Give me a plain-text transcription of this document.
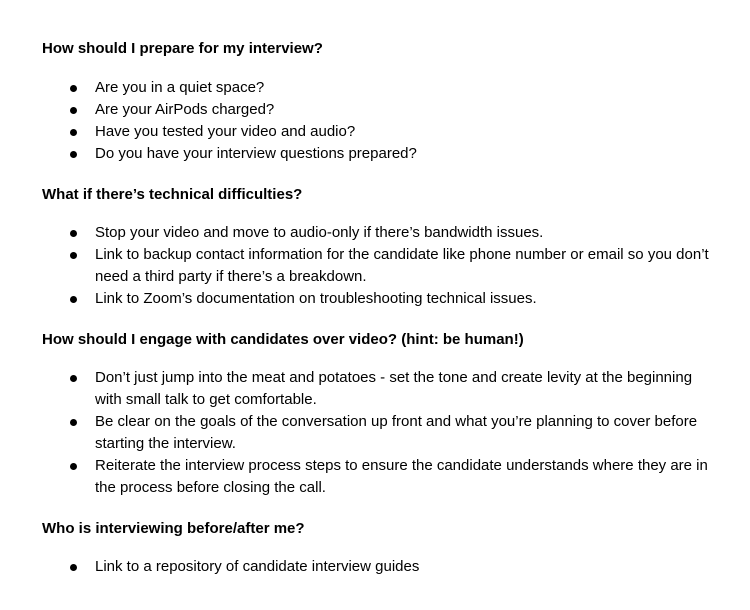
How should I prepare for my interview?
Are you in a quiet space?
Are your AirPods charged?
Have you tested your video and audio?
Do you have your interview questions prepared?
What if there’s technical difficulties?
Stop your video and move to audio-only if there’s bandwidth issues.
Link to backup contact information for the candidate like phone number or email so you don’t need a third party if there’s a breakdown.
Link to Zoom’s documentation on troubleshooting technical issues.
How should I engage with candidates over video? (hint: be human!)
Don’t just jump into the meat and potatoes - set the tone and create levity at the beginning with small talk to get comfortable.
Be clear on the goals of the conversation up front and what you’re planning to cover before starting the interview.
Reiterate the interview process steps to ensure the candidate understands where they are in the process before closing the call.
Who is interviewing before/after me?
Link to a repository of candidate interview guides
